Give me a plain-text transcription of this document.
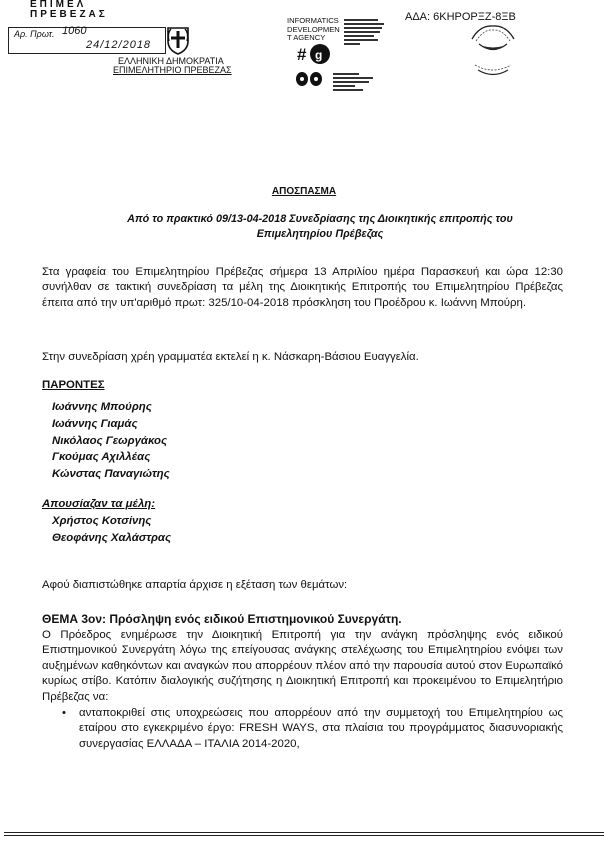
ΕΠΙΜΕΛ
ΠΡΕΒΕΖΑΣ
Αρ. Πρωτ. 1060
24/12/2018
ΕΛΛΗΝΙΚΗ ΔΗΜΟΚΡΑΤΙΑ
ΕΠΙΜΕΛΗΤΗΡΙΟ ΠΡΕΒΕΖΑΣ
ΑΔΑ: 6ΚΗΡΟΡΞΖ-8ΞΒ
INFORMATICS
DEVELOPMEN
T AGENCY
# g
ΑΠΟΣΠΑΣΜΑ
Από το πρακτικό 09/13-04-2018 Συνεδρίασης της Διοικητικής επιτροπής του
Επιμελητηρίου Πρέβεζας
Στα γραφεία του Επιμελητηρίου Πρέβεζας σήμερα 13 Απριλίου ημέρα Παρασκευή και ώρα 12:30 συνήλθαν σε τακτική συνεδρίαση τα μέλη της Διοικητικής Επιτροπής του Επιμελητηρίου Πρέβεζας έπειτα από την υπ'αριθμό πρωτ: 325/10-04-2018 πρόσκληση του Προέδρου κ. Ιωάννη Μπούρη.
Στην συνεδρίαση χρέη γραμματέα εκτελεί η κ. Νάσκαρη-Βάσιου Ευαγγελία.
ΠΑΡΟΝΤΕΣ
Ιωάννης Μπούρης
Ιωάννης Γιαμάς
Νικόλαος Γεωργάκος
Γκούμας Αχιλλέας
Κώνστας Παναγιώτης
Απουσίαζαν τα μέλη:
Χρήστος Κοτσίνης
Θεοφάνης Χαλάστρας
Αφού διαπιστώθηκε απαρτία άρχισε η εξέταση των θεμάτων:
ΘΕΜΑ 3ον: Πρόσληψη ενός ειδικού Επιστημονικού Συνεργάτη.
Ο Πρόεδρος ενημέρωσε την Διοικητική Επιτροπή για την ανάγκη πρόσληψης ενός ειδικού Επιστημονικού Συνεργάτη λόγω της επείγουσας ανάγκης στελέχωσης του Επιμελητηρίου ενόψει των αυξημένων καθηκόντων και αναγκών που απορρέουν πλέον από την παρουσία αυτού στον Ευρωπαϊκό κυρίως στίβο. Κατόπιν διαλογικής συζήτησης η Διοικητική Επιτροπή και προκειμένου το Επιμελητήριο Πρέβεζας να:
• ανταποκριθεί στις υποχρεώσεις που απορρέουν από την συμμετοχή του Επιμελητηρίου ως εταίρου στο εγκεκριμένο έργο: FRESH WAYS, στα πλαίσια του προγράμματος διασυνοριακής συνεργασίας ΕΛΛΑΔΑ – ΙΤΑΛΙΑ 2014-2020,
